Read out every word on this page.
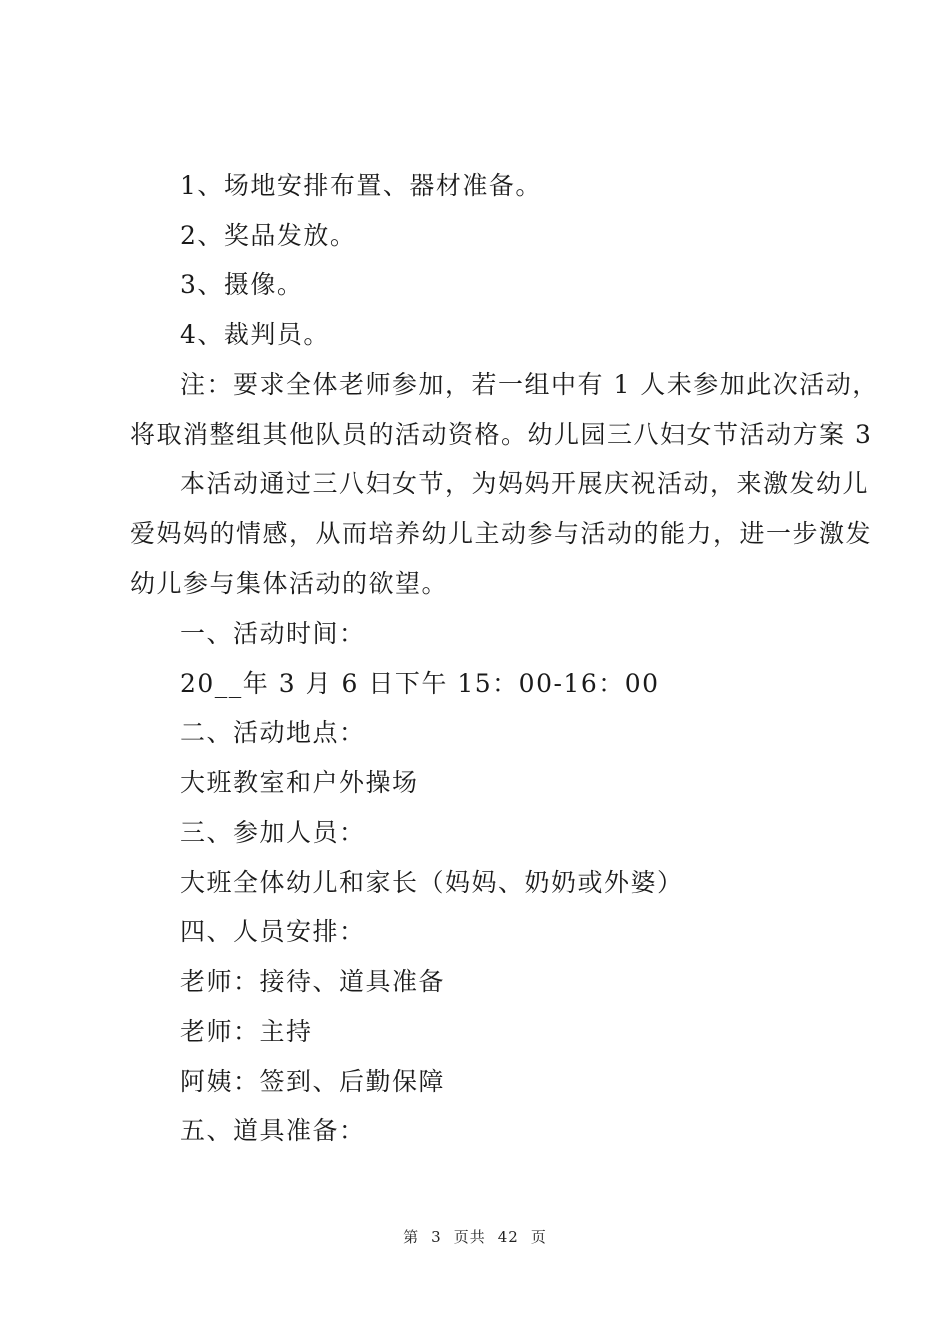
1、场地安排布置、器材准备。
2、奖品发放。
3、摄像。
4、裁判员。
注：要求全体老师参加，若一组中有 1 人未参加此次活动，
将取消整组其他队员的活动资格。幼儿园三八妇女节活动方案 3
本活动通过三八妇女节，为妈妈开展庆祝活动，来激发幼儿
爱妈妈的情感，从而培养幼儿主动参与活动的能力，进一步激发
幼儿参与集体活动的欲望。
一、活动时间：
20__年 3 月 6 日下午 15：00-16：00
二、活动地点：
大班教室和户外操场
三、参加人员：
大班全体幼儿和家长（妈妈、奶奶或外婆）
四、人员安排：
老师：接待、道具准备
老师：主持
阿姨：签到、后勤保障
五、道具准备：
第 3 页共 42 页
